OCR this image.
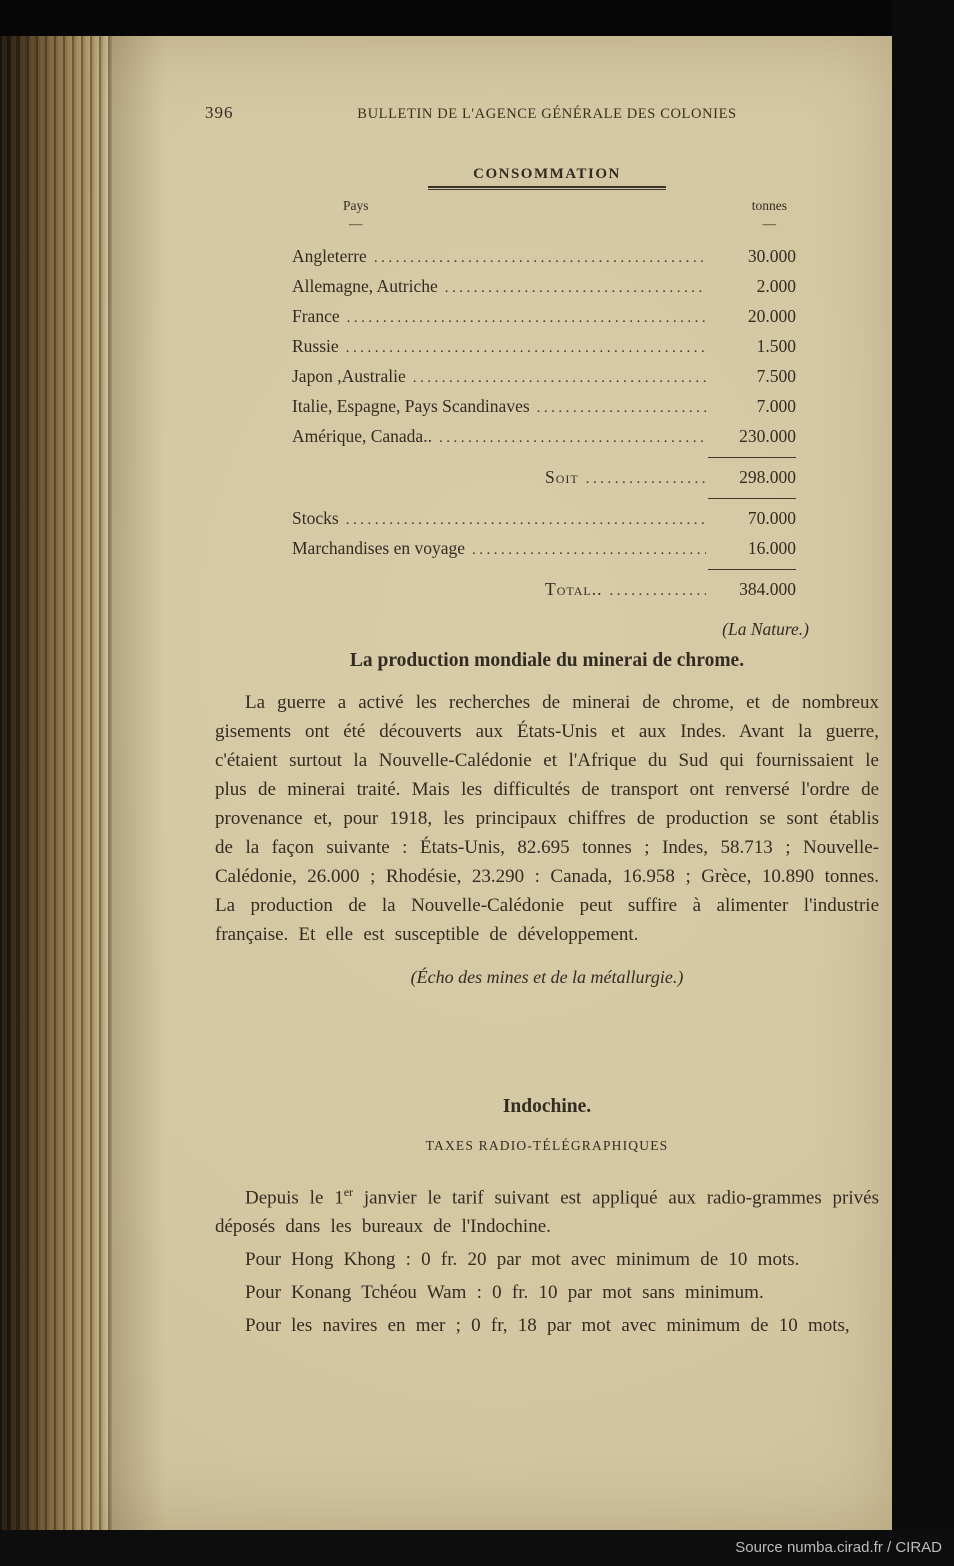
396	BULLETIN DE L'AGENCE GÉNÉRALE DES COLONIES
CONSOMMATION
Pays
—
tonnes
—
Angleterre .....	30.000
Allemagne, Autriche .....	2.000
France .....	20.000
Russie .....	1.500
Japon ,Australie .....	7.500
Italie, Espagne, Pays Scandinaves .....	7.000
Amérique, Canada.. .....	230.000
Soit .....	298.000
Stocks .....	70.000
Marchandises en voyage .....	16.000
Total.. .....	384.000
(La Nature.)
La production mondiale du minerai de chrome.

La guerre a activé les recherches de minerai de chrome, et de nombreux gisements ont été découverts aux États-Unis et aux Indes. Avant la guerre, c'étaient surtout la Nouvelle-Calédonie et l'Afrique du Sud qui fournissaient le plus de minerai traité. Mais les difficultés de transport ont renversé l'ordre de provenance et, pour 1918, les principaux chiffres de production se sont établis de la façon suivante : États-Unis, 82.695 tonnes ; Indes, 58.713 ; Nouvelle-Calédonie, 26.000 ; Rhodésie, 23.290 : Canada, 16.958 ; Grèce, 10.890 tonnes. La production de la Nouvelle-Calédonie peut suffire à alimenter l'industrie française. Et elle est susceptible de développement.

(Écho des mines et de la métallurgie.)
Indochine.
TAXES RADIO-TÉLÉGRAPHIQUES

Depuis le 1er janvier le tarif suivant est appliqué aux radio-grammes privés déposés dans les bureaux de l'Indochine.

Pour Hong Khong : 0 fr. 20 par mot avec minimum de 10 mots.

Pour Konang Tchéou Wam : 0 fr. 10 par mot sans minimum.

Pour les navires en mer ; 0 fr, 18 par mot avec minimum de 10 mots,

Source numba.cirad.fr / CIRAD
